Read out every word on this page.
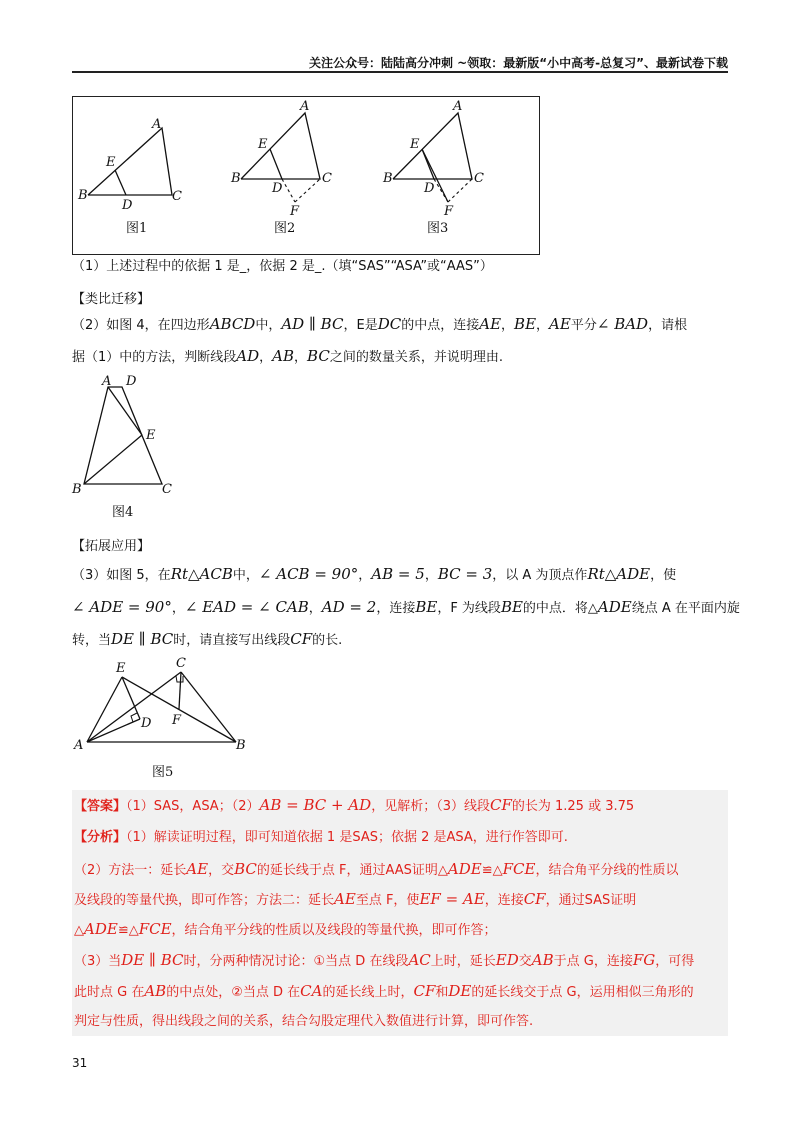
关注公众号：陆陆高分冲刺 ~领取：最新版“小中高考-总复习”、最新试卷下载
A
B	C
D
E
图1
A
B	C
D
E
F
图2
A
B	C
D
E
F
图3
（1）上述过程中的依据 1 是_，依据 2 是_.（填“SAS”“ASA”或“AAS”）
【类比迁移】
（2）如图 4，在四边形ABCD中，AD ∥ BC，E是DC的中点，连接AE，BE，AE平分∠ BAD，请根
据（1）中的方法，判断线段AD，AB，BC之间的数量关系，并说明理由.
A D
E
B	C
图4
【拓展应用】
（3）如图 5，在Rt△ACB中，∠ ACB = 90°，AB = 5，BC = 3，以 A 为顶点作Rt△ADE，使
∠ ADE = 90°，∠ EAD = ∠ CAB，AD = 2，连接BE，F 为线段BE的中点．将△ADE绕点 A 在平面内旋
转，当DE ∥ BC时，请直接写出线段CF的长.
E	C
D F
A	B
图5
【答案】（1）SAS，ASA；（2）AB = BC + AD，见解析；（3）线段CF的长为 1.25 或 3.75
【分析】（1）解读证明过程，即可知道依据 1 是SAS；依据 2 是ASA，进行作答即可.
（2）方法一：延长AE，交BC的延长线于点 F，通过AAS证明△ADE≌△FCE，结合角平分线的性质以
及线段的等量代换，即可作答；方法二：延长AE至点 F，使EF = AE，连接CF，通过SAS证明
△ADE≌△FCE，结合角平分线的性质以及线段的等量代换，即可作答；
（3）当DE ∥ BC时，分两种情况讨论：①当点 D 在线段AC上时，延长ED交AB于点 G，连接FG，可得
此时点 G 在AB的中点处，②当点 D 在CA的延长线上时，CF和DE的延长线交于点 G，运用相似三角形的
判定与性质，得出线段之间的关系，结合勾股定理代入数值进行计算，即可作答.
31
